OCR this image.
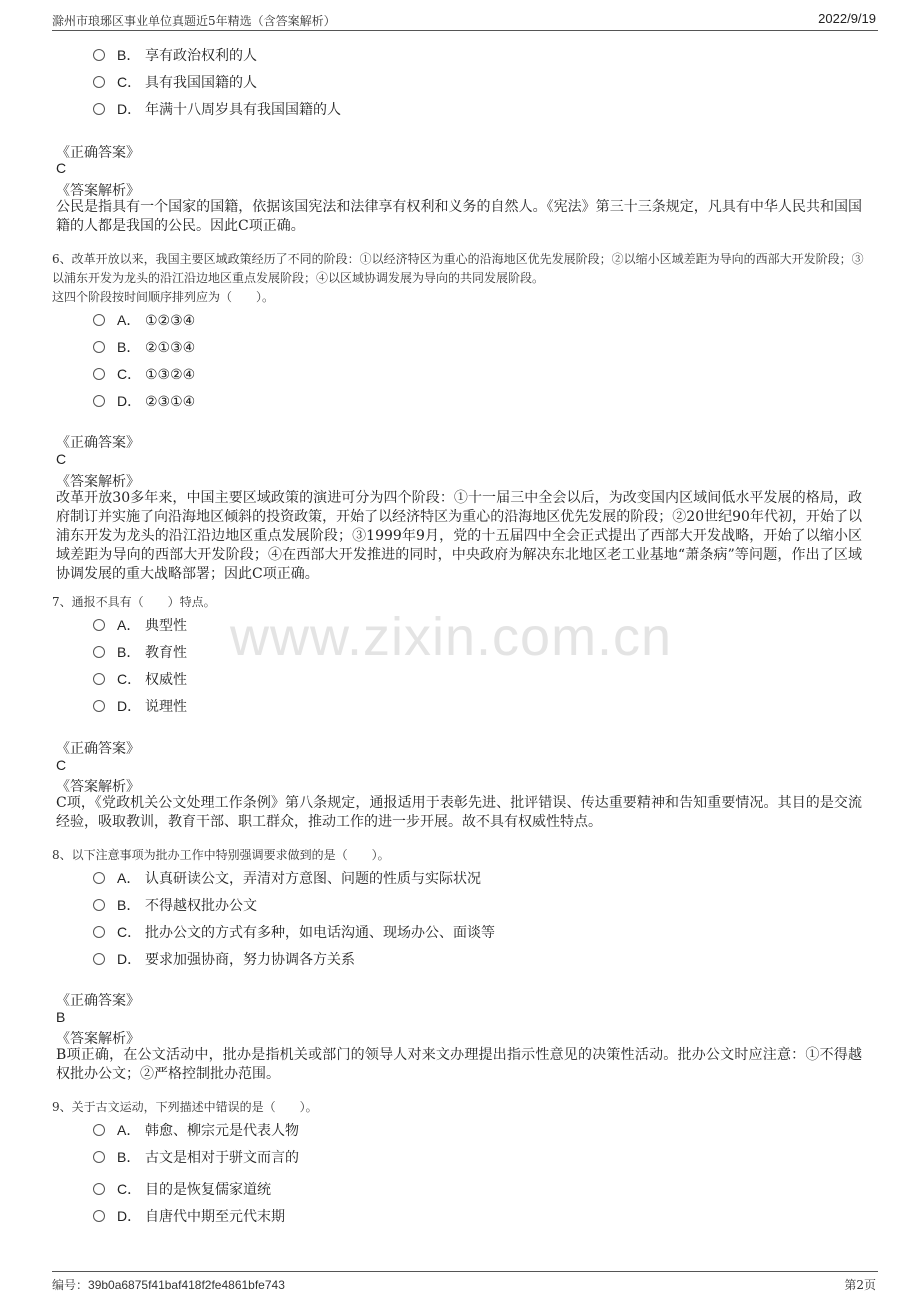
滁州市琅琊区事业单位真题近5年精选（含答案解析）	2022/9/19
www.zixin.com.cn
B． 享有政治权利的人
C． 具有我国国籍的人
D． 年满十八周岁具有我国国籍的人
《正确答案》
C
《答案解析》
公民是指具有一个国家的国籍，依据该国宪法和法律享有权利和义务的自然人。《宪法》第三十三条规定，凡具有中华人民共和国国籍的人都是我国的公民。因此C项正确。
6、改革开放以来，我国主要区域政策经历了不同的阶段：①以经济特区为重心的沿海地区优先发展阶段；②以缩小区域差距为导向的西部大开发阶段；③以浦东开发为龙头的沿江沿边地区重点发展阶段；④以区域协调发展为导向的共同发展阶段。
这四个阶段按时间顺序排列应为（　　）。
A． ①②③④
B． ②①③④
C． ①③②④
D． ②③①④
《正确答案》
C
《答案解析》
改革开放30多年来，中国主要区域政策的演进可分为四个阶段：①十一届三中全会以后，为改变国内区域间低水平发展的格局，政府制订并实施了向沿海地区倾斜的投资政策，开始了以经济特区为重心的沿海地区优先发展的阶段；②20世纪90年代初，开始了以浦东开发为龙头的沿江沿边地区重点发展阶段；③1999年9月，党的十五届四中全会正式提出了西部大开发战略，开始了以缩小区域差距为导向的西部大开发阶段；④在西部大开发推进的同时，中央政府为解决东北地区老工业基地“萧条病”等问题，作出了区域协调发展的重大战略部署；因此C项正确。
7、通报不具有（　　）特点。
A． 典型性
B． 教育性
C． 权威性
D． 说理性
《正确答案》
C
《答案解析》
C项，《党政机关公文处理工作条例》第八条规定，通报适用于表彰先进、批评错误、传达重要精神和告知重要情况。其目的是交流经验，吸取教训，教育干部、职工群众，推动工作的进一步开展。故不具有权威性特点。
8、以下注意事项为批办工作中特别强调要求做到的是（　　）。
A． 认真研读公文，弄清对方意图、问题的性质与实际状况
B． 不得越权批办公文
C． 批办公文的方式有多种，如电话沟通、现场办公、面谈等
D． 要求加强协商，努力协调各方关系
《正确答案》
B
《答案解析》
B项正确，在公文活动中，批办是指机关或部门的领导人对来文办理提出指示性意见的决策性活动。批办公文时应注意：①不得越权批办公文；②严格控制批办范围。
9、关于古文运动，下列描述中错误的是（　　）。
A． 韩愈、柳宗元是代表人物
B． 古文是相对于骈文而言的
C． 目的是恢复儒家道统
D． 自唐代中期至元代末期
编号：39b0a6875f41baf418f2fe4861bfe743	第2页
